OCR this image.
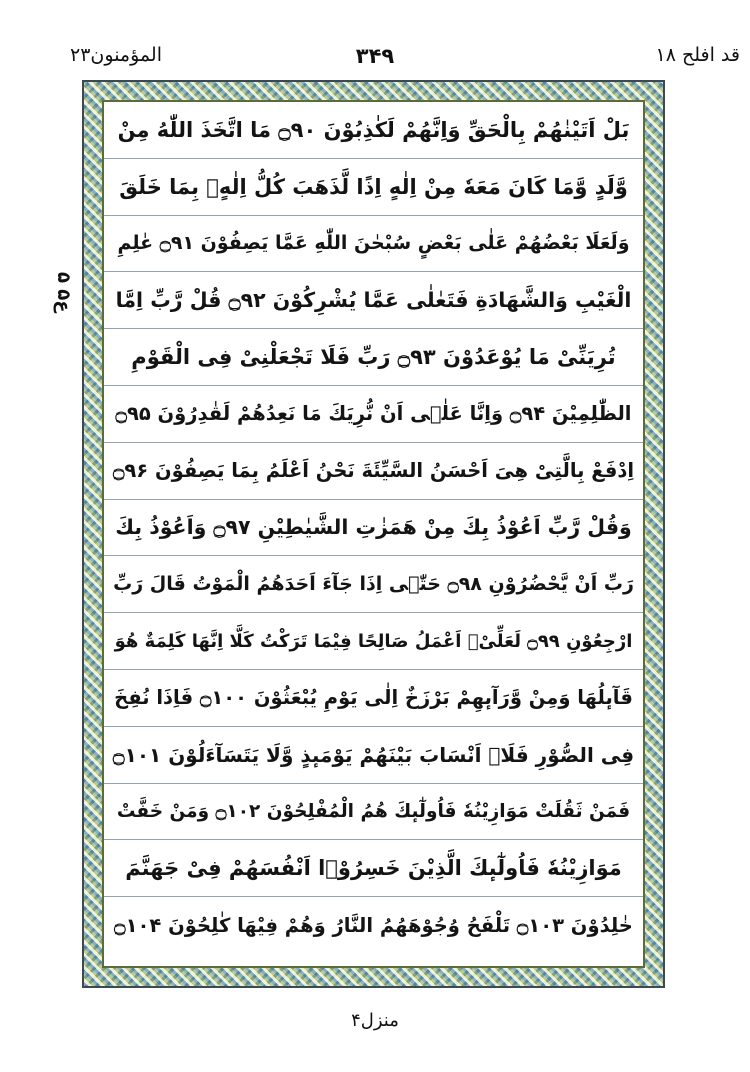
قد افلح ۱۸
۳۴۹
المؤمنون۲۳
ع۵ ۵
بَلْ اَتَیْنٰهُمْ بِالْحَقِّ وَاِنَّهُمْ لَكٰذِبُوْنَ ۝۹۰ مَا اتَّخَذَ اللّٰهُ مِنْ
وَّلَدٍ وَّمَا كَانَ مَعَهٗ مِنْ اِلٰهٍ اِذًا لَّذَهَبَ كُلُّ اِلٰهٍۭ بِمَا خَلَقَ
وَلَعَلَا بَعْضُهُمْ عَلٰى بَعْضٍ سُبْحٰنَ اللّٰهِ عَمَّا یَصِفُوْنَ ۝۹۱ عٰلِمِ
الْغَیْبِ وَالشَّهَادَةِ فَتَعٰلٰى عَمَّا یُشْرِكُوْنَ ۝۹۲ قُلْ رَّبِّ اِمَّا
تُرِیَنِّیْ مَا یُوْعَدُوْنَ ۝۹۳ رَبِّ فَلَا تَجْعَلْنِیْ فِی الْقَوْمِ
الظّٰلِمِیْنَ ۝۹۴ وَاِنَّا عَلٰۤى اَنْ نُّرِیَكَ مَا نَعِدُهُمْ لَقٰدِرُوْنَ ۝۹۵
اِدْفَعْ بِالَّتِیْ هِیَ اَحْسَنُ السَّیِّئَةَ نَحْنُ اَعْلَمُ بِمَا یَصِفُوْنَ ۝۹۶
وَقُلْ رَّبِّ اَعُوْذُ بِكَ مِنْ هَمَزٰتِ الشَّیٰطِیْنِ ۝۹۷ وَاَعُوْذُ بِكَ
رَبِّ اَنْ یَّحْضُرُوْنِ ۝۹۸ حَتّٰۤى اِذَا جَآءَ اَحَدَهُمُ الْمَوْتُ قَالَ رَبِّ
ارْجِعُوْنِ ۝۹۹ لَعَلِّیْۤ اَعْمَلُ صَالِحًا فِیْمَا تَرَكْتُ كَلَّا اِنَّهَا كَلِمَةٌ هُوَ
قَآىٕلُهَا وَمِنْ وَّرَآىٕهِمْ بَرْزَخٌ اِلٰى یَوْمِ یُبْعَثُوْنَ ۝۱۰۰ فَاِذَا نُفِخَ
فِی الصُّوْرِ فَلَاۤ اَنْسَابَ بَیْنَهُمْ یَوْمَىٕذٍ وَّلَا یَتَسَآءَلُوْنَ ۝۱۰۱
فَمَنْ ثَقُلَتْ مَوَازِیْنُهٗ فَاُولٰٓىٕكَ هُمُ الْمُفْلِحُوْنَ ۝۱۰۲ وَمَنْ خَفَّتْ
مَوَازِیْنُهٗ فَاُولٰٓىٕكَ الَّذِیْنَ خَسِرُوْۤا اَنْفُسَهُمْ فِیْ جَهَنَّمَ
خٰلِدُوْنَ ۝۱۰۳ تَلْفَحُ وُجُوْهَهُمُ النَّارُ وَهُمْ فِیْهَا كٰلِحُوْنَ ۝۱۰۴
منزل۴
